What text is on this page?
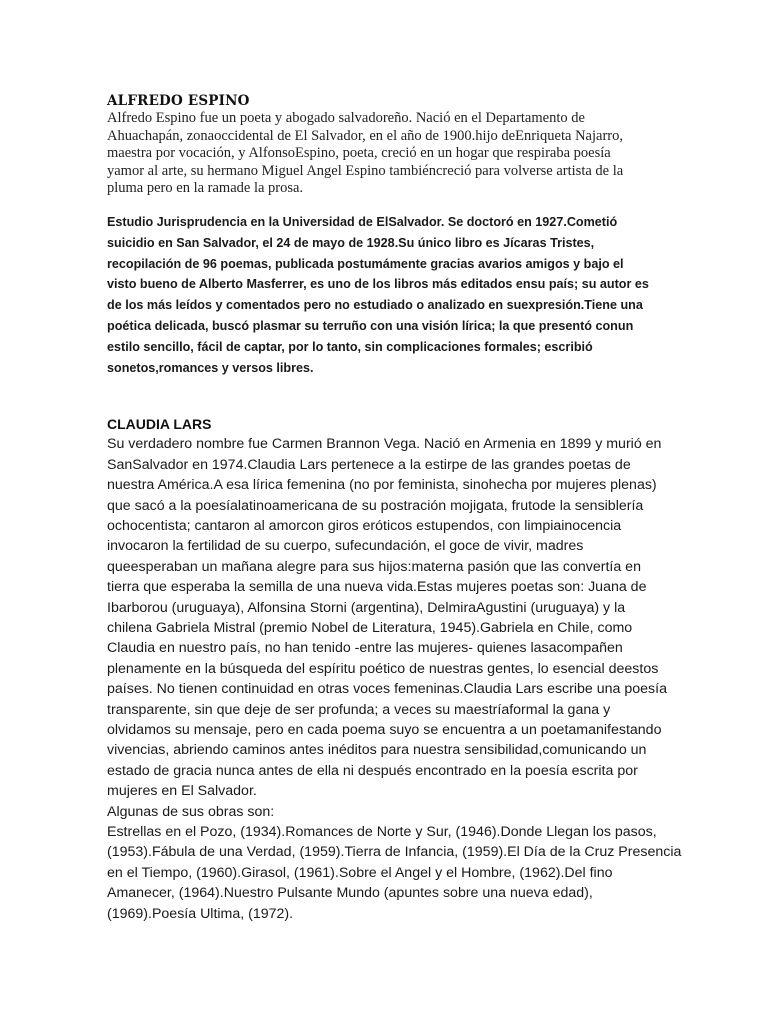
ALFREDO ESPINO

Alfredo Espino fue un poeta y abogado salvadoreño. Nació en el Departamento de
Ahuachapán, zonaoccidental de El Salvador, en el año de 1900.hijo deEnriqueta Najarro,
maestra por vocación, y AlfonsoEspino, poeta, creció en un hogar que respiraba poesía
yamor al arte, su hermano Miguel Angel Espino tambiéncreció para volverse artista de la
pluma pero en la ramade la prosa.

Estudio Jurisprudencia en la Universidad de ElSalvador. Se doctoró en 1927.Cometió
suicidio en San Salvador, el 24 de mayo de 1928.Su único libro es Jícaras Tristes,
recopilación de 96 poemas, publicada postumámente gracias avarios amigos y bajo el
visto bueno de Alberto Masferrer, es uno de los libros más editados ensu país; su autor es
de los más leídos y comentados pero no estudiado o analizado en suexpresión.Tiene una
poética delicada, buscó plasmar su terruño con una visión lírica; la que presentó conun
estilo sencillo, fácil de captar, por lo tanto, sin complicaciones formales; escribió
sonetos,romances y versos libres.

CLAUDIA LARS

Su verdadero nombre fue Carmen Brannon Vega. Nació en Armenia en 1899 y murió en
SanSalvador en 1974.Claudia Lars pertenece a la estirpe de las grandes poetas de
nuestra América.A esa lírica femenina (no por feminista, sinohecha por mujeres plenas)
que sacó a la poesíalatinoamericana de su postración mojigata, frutode la sensiblería
ochocentista; cantaron al amorcon giros eróticos estupendos, con limpiainocencia
invocaron la fertilidad de su cuerpo, sufecundación, el goce de vivir, madres
queesperaban un mañana alegre para sus hijos:materna pasión que las convertía en
tierra que esperaba la semilla de una nueva vida.Estas mujeres poetas son: Juana de
Ibarborou (uruguaya), Alfonsina Storni (argentina), DelmiraAgustini (uruguaya) y la
chilena Gabriela Mistral (premio Nobel de Literatura, 1945).Gabriela en Chile, como
Claudia en nuestro país, no han tenido -entre las mujeres- quienes lasacompañen
plenamente en la búsqueda del espíritu poético de nuestras gentes, lo esencial deestos
países. No tienen continuidad en otras voces femeninas.Claudia Lars escribe una poesía
transparente, sin que deje de ser profunda; a veces su maestríaformal la gana y
olvidamos su mensaje, pero en cada poema suyo se encuentra a un poetamanifestando
vivencias, abriendo caminos antes inéditos para nuestra sensibilidad,comunicando un
estado de gracia nunca antes de ella ni después encontrado en la poesía escrita por
mujeres en El Salvador.
Algunas de sus obras son:
Estrellas en el Pozo, (1934).Romances de Norte y Sur, (1946).Donde Llegan los pasos,
(1953).Fábula de una Verdad, (1959).Tierra de Infancia, (1959).El Día de la Cruz Presencia
en el Tiempo, (1960).Girasol, (1961).Sobre el Angel y el Hombre, (1962).Del fino
Amanecer, (1964).Nuestro Pulsante Mundo (apuntes sobre una nueva edad),
(1969).Poesía Ultima, (1972).
